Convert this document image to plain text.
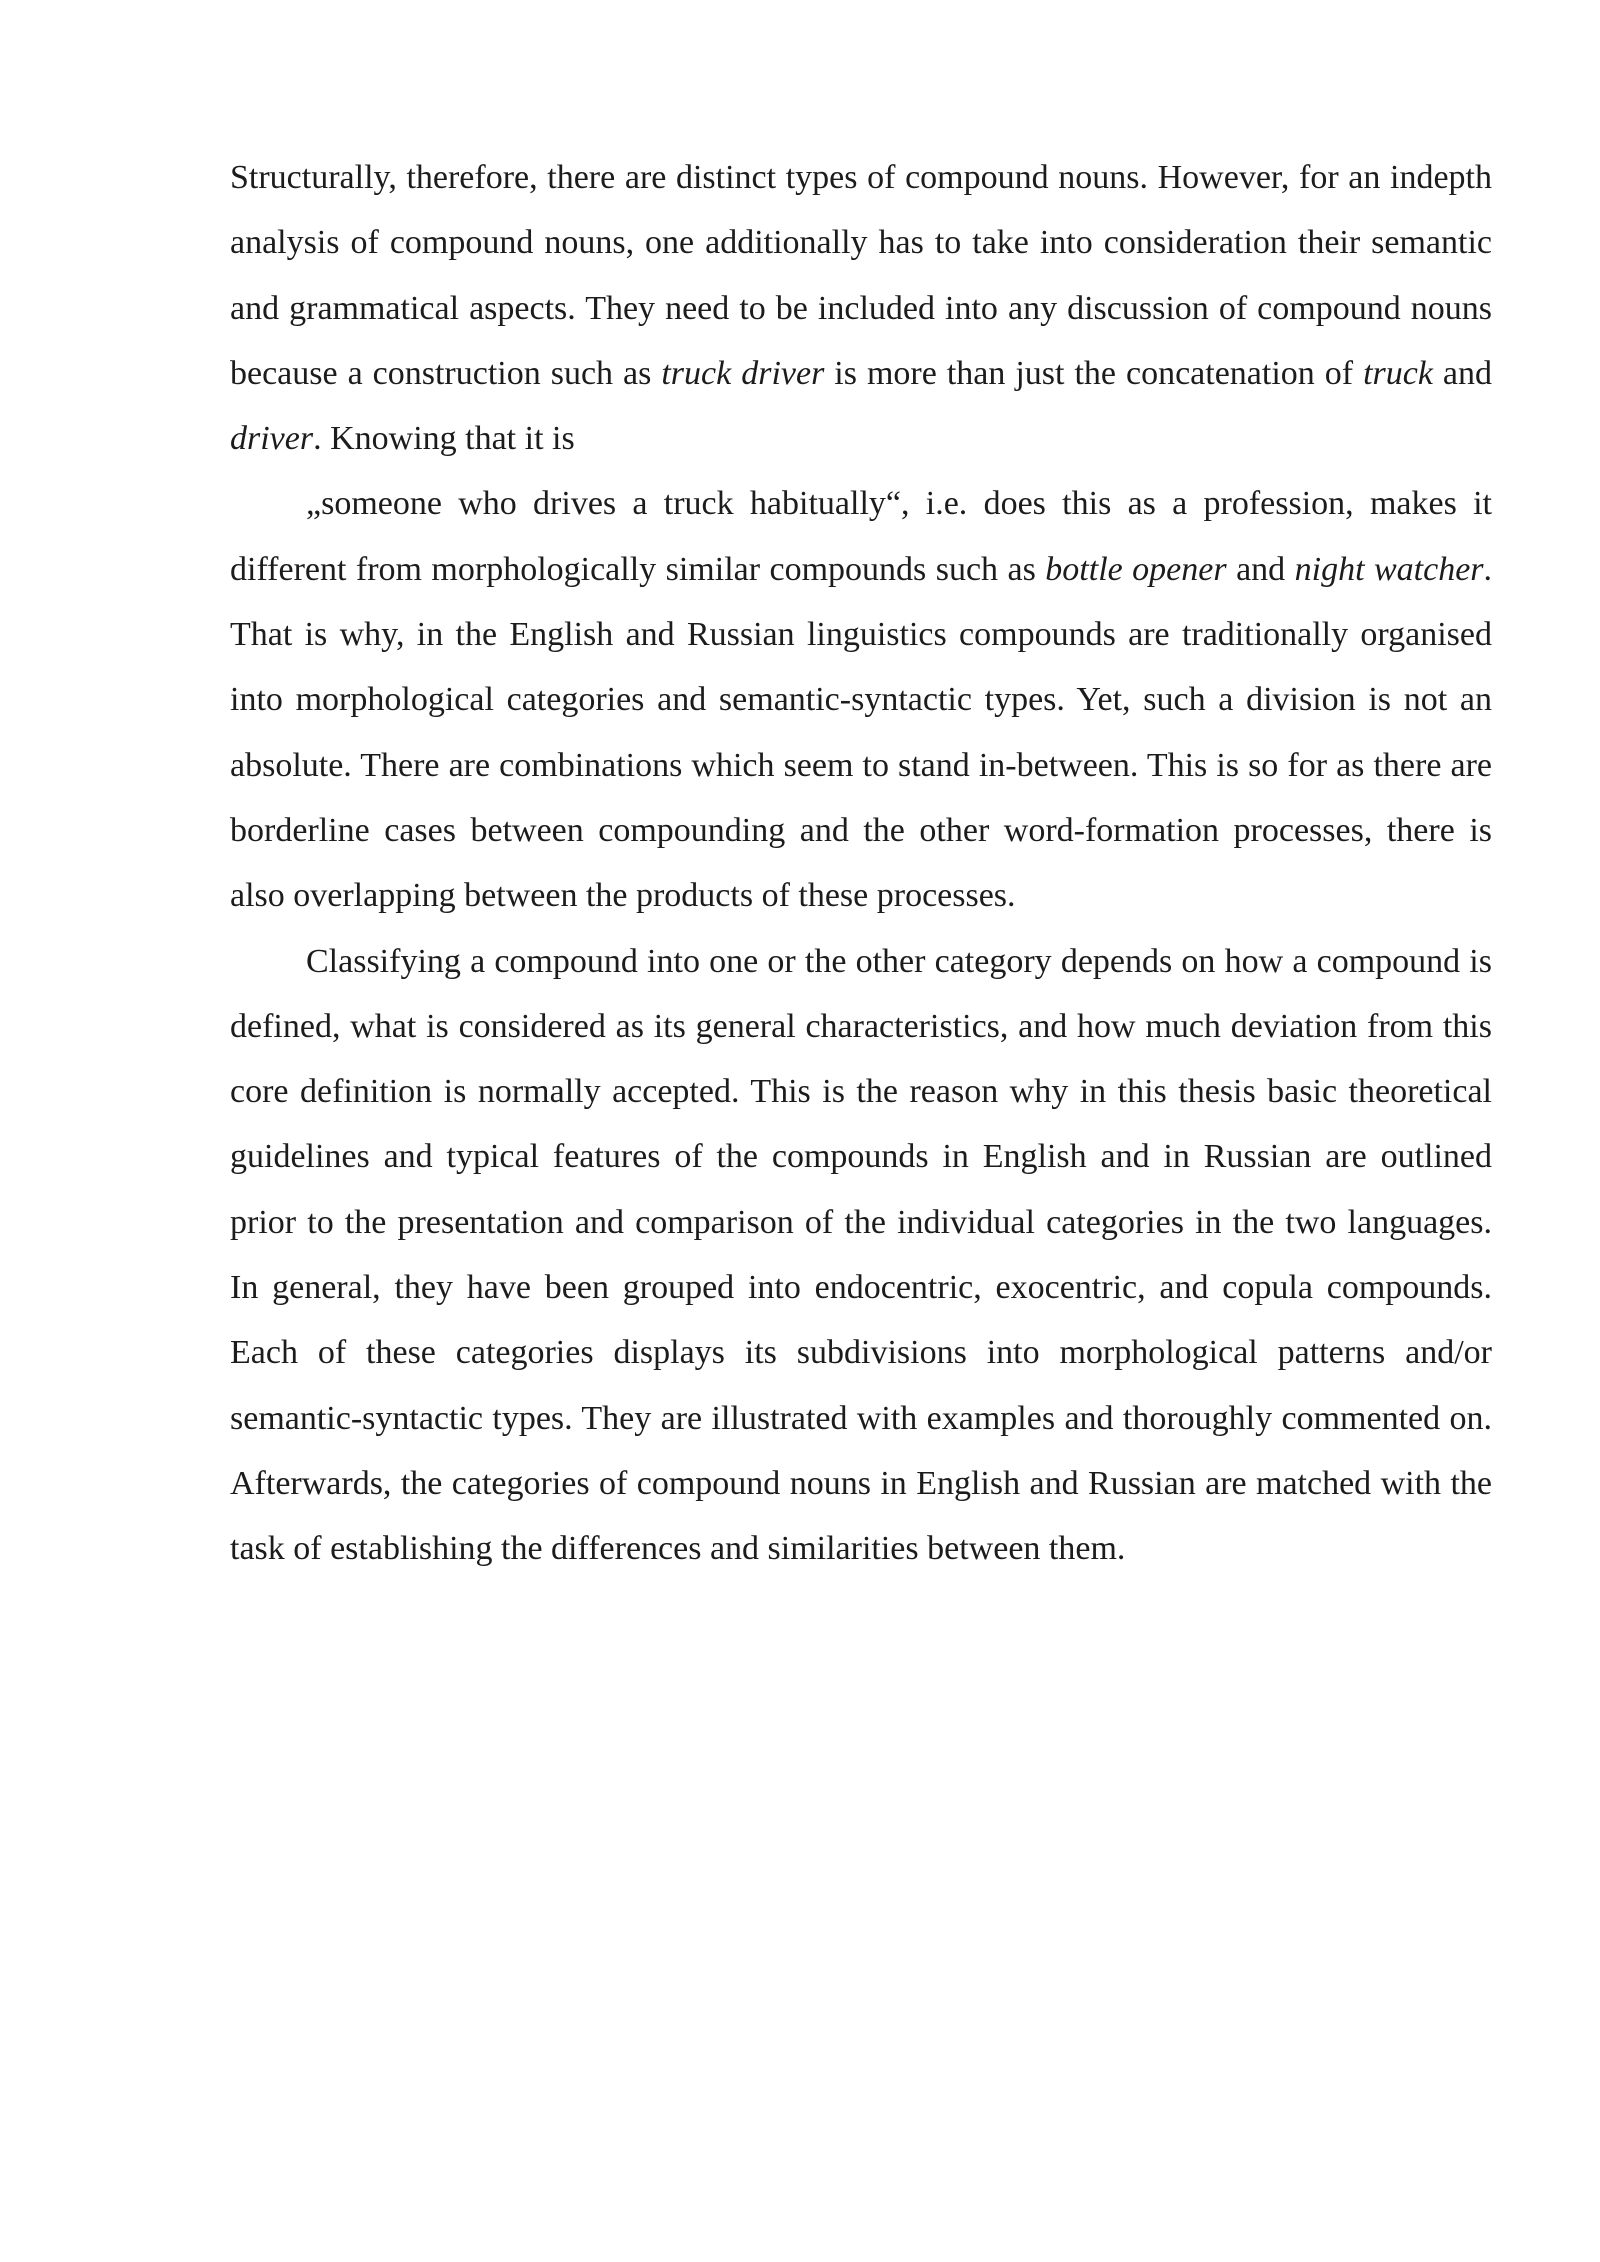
Structurally, therefore, there are distinct types of compound nouns. However, for an indepth analysis of compound nouns, one additionally has to take into consideration their semantic and grammatical aspects. They need to be included into any discussion of compound nouns because a construction such as truck driver is more than just the concatenation of truck and driver. Knowing that it is

„someone who drives a truck habitually“, i.e. does this as a profession, makes it different from morphologically similar compounds such as bottle opener and night watcher. That is why, in the English and Russian linguistics compounds are traditionally organised into morphological categories and semantic-syntactic types. Yet, such a division is not an absolute. There are combinations which seem to stand in-between. This is so for as there are borderline cases between compounding and the other word-formation processes, there is also overlapping between the products of these processes.

Classifying a compound into one or the other category depends on how a compound is defined, what is considered as its general characteristics, and how much deviation from this core definition is normally accepted. This is the reason why in this thesis basic theoretical guidelines and typical features of the compounds in English and in Russian are outlined prior to the presentation and comparison of the individual categories in the two languages. In general, they have been grouped into endocentric, exocentric, and copula compounds. Each of these categories displays its subdivisions into morphological patterns and/or semantic-syntactic types. They are illustrated with examples and thoroughly commented on. Afterwards, the categories of compound nouns in English and Russian are matched with the task of establishing the differences and similarities between them.
